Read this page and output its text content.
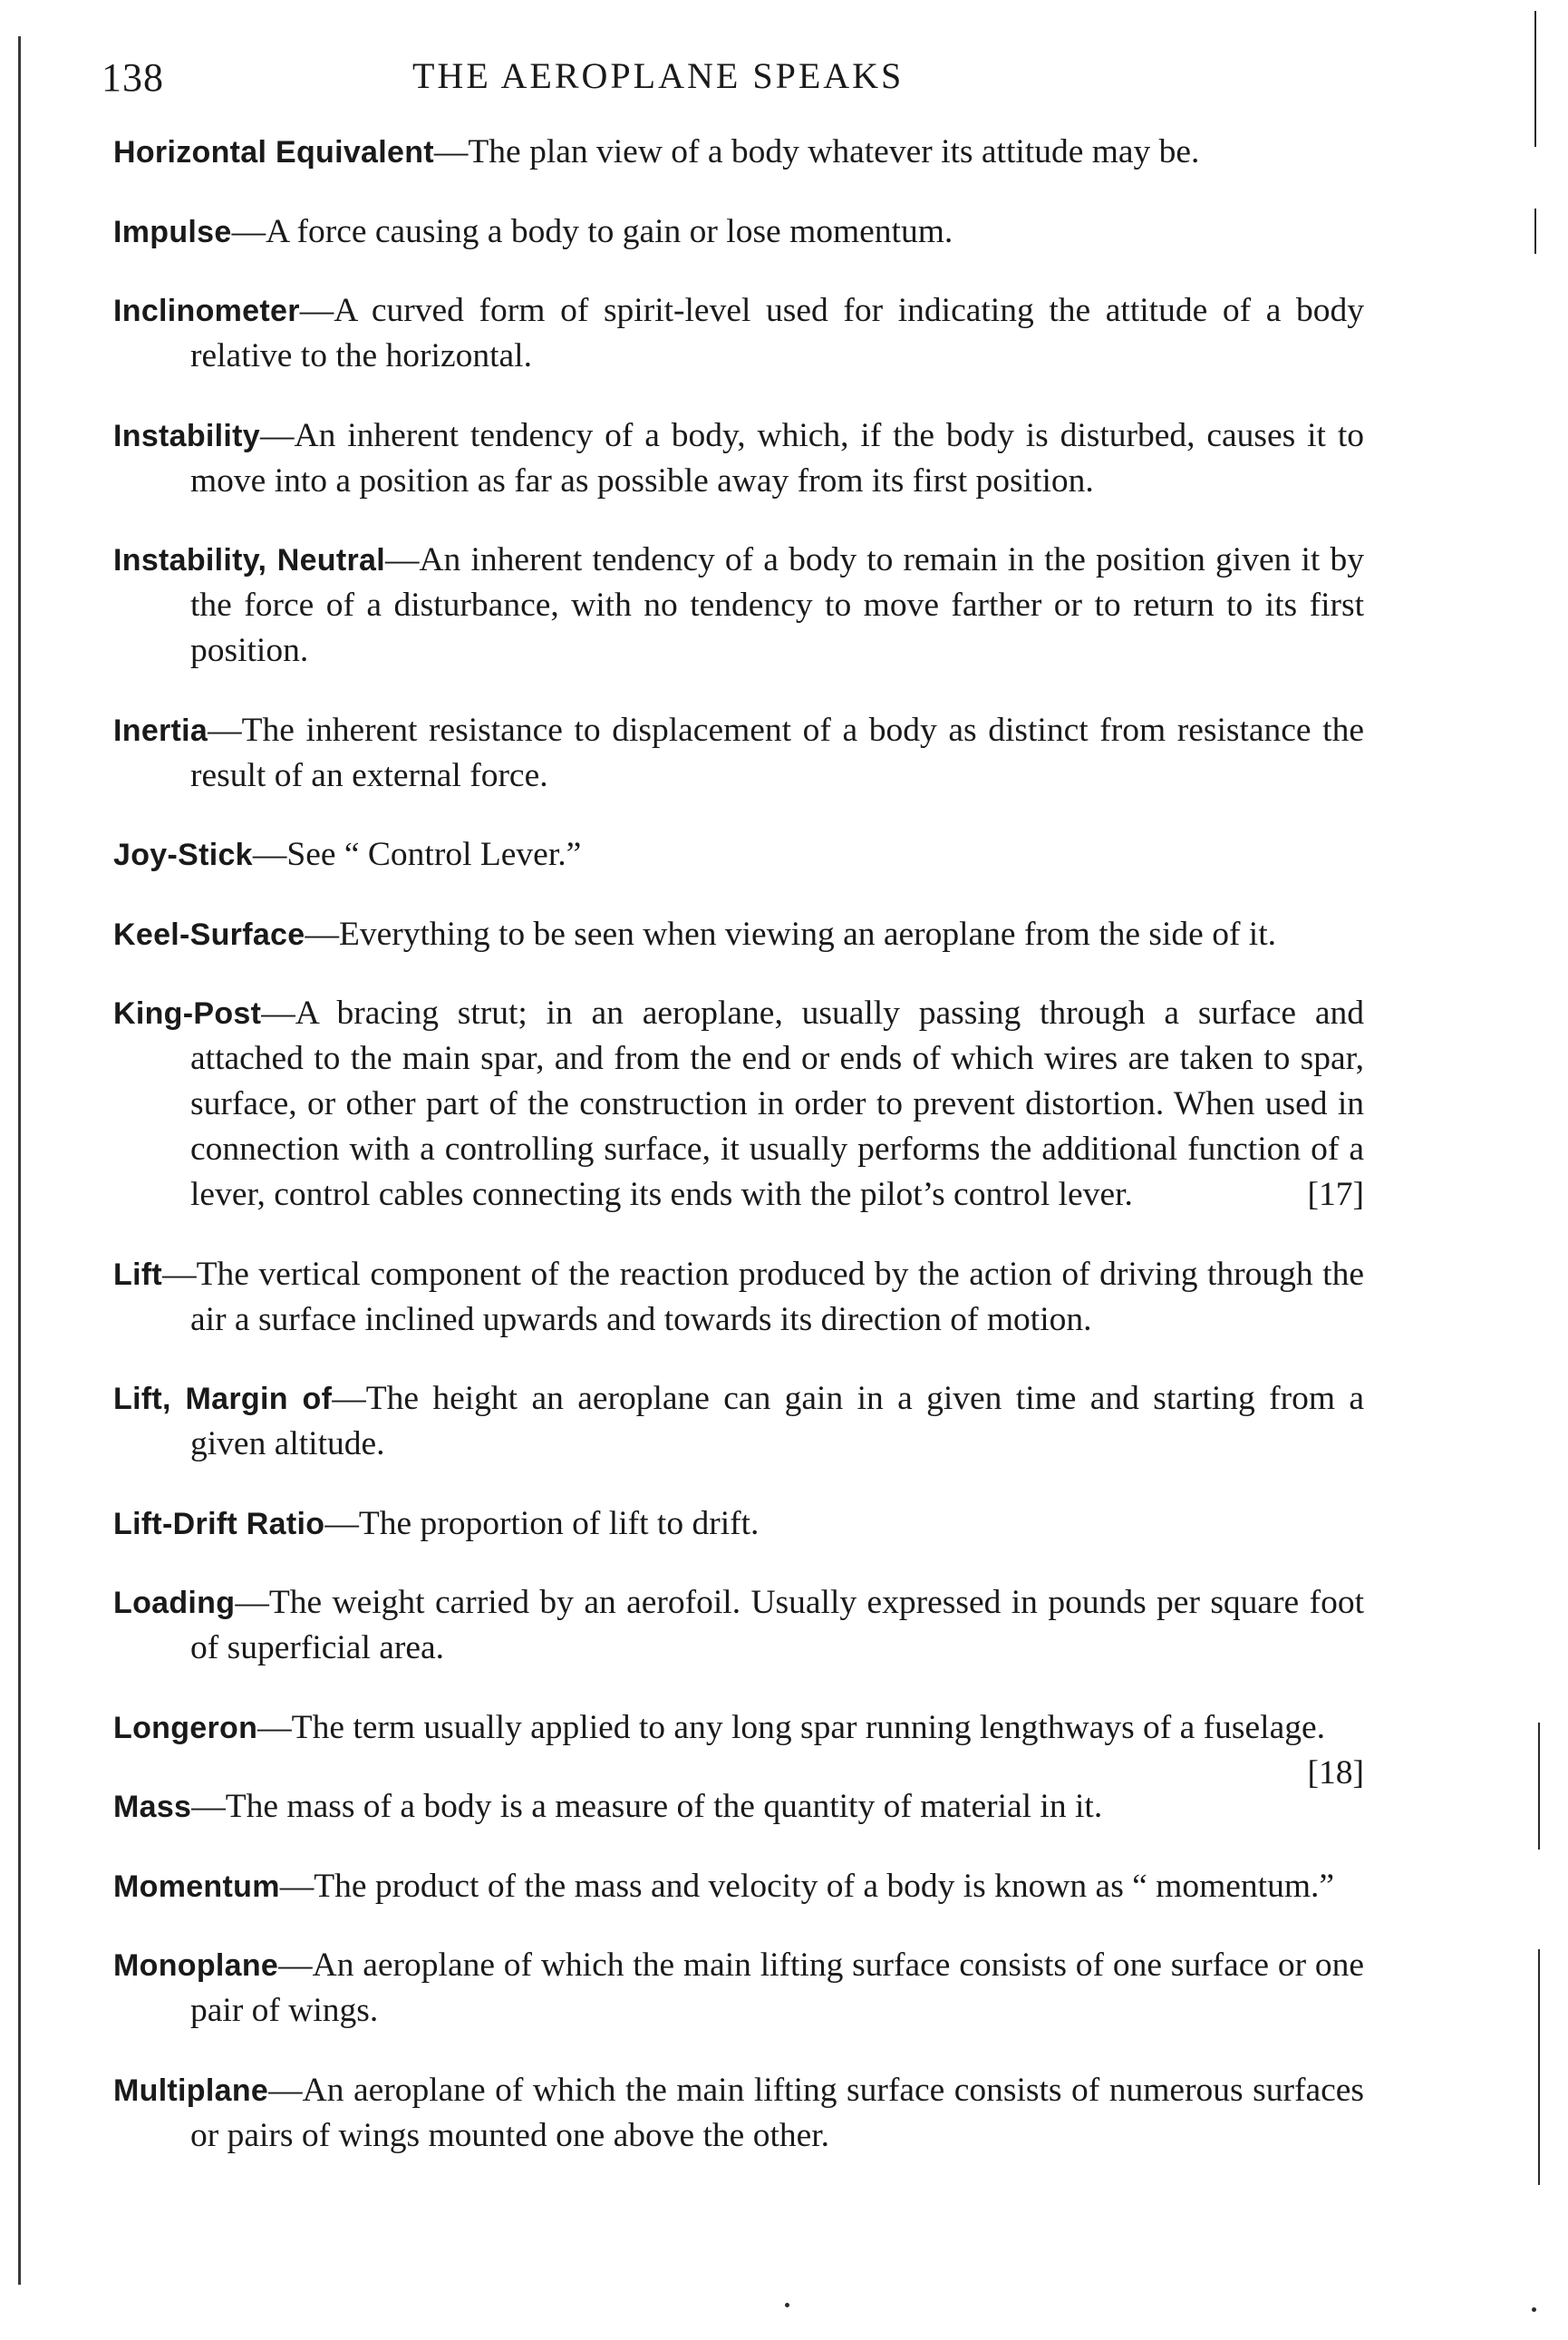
138	THE AEROPLANE SPEAKS

Horizontal Equivalent—The plan view of a body whatever its attitude may be.

Impulse—A force causing a body to gain or lose momentum.

Inclinometer—A curved form of spirit-level used for indicating the attitude of a body relative to the horizontal.

Instability—An inherent tendency of a body, which, if the body is disturbed, causes it to move into a position as far as possible away from its first position.

Instability, Neutral—An inherent tendency of a body to remain in the position given it by the force of a disturbance, with no tendency to move farther or to return to its first position.

Inertia—The inherent resistance to displacement of a body as distinct from resistance the result of an external force.

Joy-Stick—See “ Control Lever.”

Keel-Surface—Everything to be seen when viewing an aeroplane from the side of it.

King-Post—A bracing strut; in an aeroplane, usually passing through a surface and attached to the main spar, and from the end or ends of which wires are taken to spar, surface, or other part of the construction in order to prevent distortion. When used in connection with a controlling surface, it usually performs the additional function of a lever, control cables connecting its ends with the pilot’s control lever.	[17]

Lift—The vertical component of the reaction produced by the action of driving through the air a surface inclined upwards and towards its direction of motion.

Lift, Margin of—The height an aeroplane can gain in a given time and starting from a given altitude.

Lift-Drift Ratio—The proportion of lift to drift.

Loading—The weight carried by an aerofoil. Usually expressed in pounds per square foot of superficial area.

Longeron—The term usually applied to any long spar running lengthways of a fuselage.
[18]

Mass—The mass of a body is a measure of the quantity of material in it.

Momentum—The product of the mass and velocity of a body is known as “ momentum.”

Monoplane—An aeroplane of which the main lifting surface consists of one surface or one pair of wings.

Multiplane—An aeroplane of which the main lifting surface consists of numerous surfaces or pairs of wings mounted one above the other.
